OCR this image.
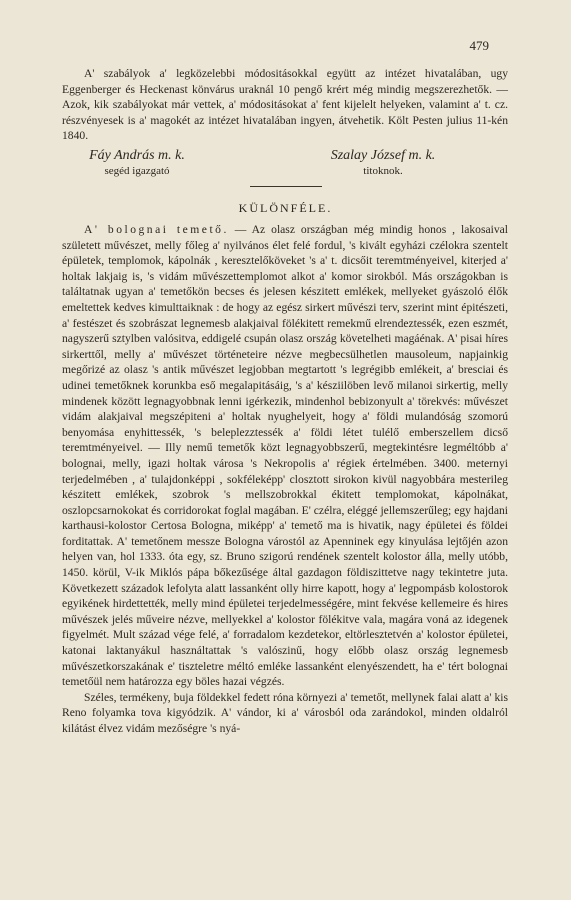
479

A' szabályok a' legközelebbi módositásokkal együtt az intézet hivatalában, ugy Eggenberger és Heckenast könvárus uraknál 10 pengő krért még mindig megszerezhetők. — Azok, kik szabályokat már vettek, a' módositásokat a' fent kijelelt helyeken, valamint a' t. cz. részvényesek is a' magokét az intézet hivatalában ingyen, átvehetik. Költ Pesten julius 11-kén 1840.

Fáy András m. k.
segéd igazgató
Szalay József m. k.
titoknok.
KÜLÖNFÉLE.

A' bolognai temető. — Az olasz országban még mindig honos , lakosaival született művészet, melly főleg a' nyilvános élet felé fordul, 's kivált egyházi czélokra szentelt épületek, templomok, kápolnák , keresztelőköveket 's a' t. dicsőit teremtményeivel, kiterjed a' holtak lakjaig is, 's vidám művészettemplomot alkot a' komor sirokból. Más országokban is találtatnak ugyan a' temetőkön becses és jelesen készitett emlékek, mellyeket gyászoló élők emeltettek kedves kimulttaiknak : de hogy az egész sirkert művészi terv, szerint mint épitészeti, a' festészet és szobrászat legnemesb alakjaival fölékitett remekmű elrendeztessék, ezen eszmét, nagyszerű sztylben valósitva, eddigelé csupán olasz ország követelheti magáénak. A' pisai híres sirkerttől, melly a' művészet történeteire nézve megbecsülhetlen mausoleum, napjainkig megőrizé az olasz 's antik művészet legjobban megtartott 's legrégibb emlékeit, a' bresciai és udinei temetőknek korunkba eső megalapitásáig, 's a' késziilöben levő milanoi sirkertig, melly mindenek között legnagyobbnak lenni igérkezik, mindenhol bebizonyult a' törekvés: művészet vidám alakjaival megszépiteni a' holtak nyughelyeit, hogy a' földi mulandóság szomorú benyomása enyhittessék, 's beleplezztessék a' földi létet tulélő emberszellem dicső teremtményeivel. — Illy nemű temetők közt legnagyobbszerű, megtekintésre legméltóbb a' bolognai, melly, igazi holtak városa 's Nekropolis a' régiek értelmében. 3400. meternyi terjedelmében , a' tulajdonképpi , sokféleképp' closztott sirokon kivül nagyobbára mesterileg készitett emlékek, szobrok 's mellszobrokkal ékitett templomokat, kápolnákat, oszlopcsarnokokat és corridorokat foglal magában. E' czélra, eléggé jellemszerűleg; egy hajdani karthausi-kolostor Certosa Bologna, miképp' a' temető ma is hivatik, nagy épületei és földei forditattak. A' temetőnem messze Bologna várostól az Apenninek egy kinyulása lejtőjén azon helyen van, hol 1333. óta egy, sz. Bruno szigorú rendének szentelt kolostor álla, melly utóbb, 1450. körül, V-ik Miklós pápa bőkezűsége által gazdagon földiszittetve nagy tekintetre juta. Következett századok lefolyta alatt lassanként olly hirre kapott, hogy a' legpompásb kolostorok egyikének hirdettették, melly mind épületei terjedelmességére, mint fekvése kellemeire és hires művészek jelés műveire nézve, mellyekkel a' kolostor fölékitve vala, magára voná az idegenek figyelmét. Mult század vége felé, a' forradalom kezdetekor, eltörlesztetvén a' kolostor épületei, katonai laktanyákul használtattak 's valószinű, hogy előbb olasz ország legnemesb művészetkorszakának e' tiszteletre méltó emléke lassanként elenyészendett, ha e' tért bolognai temetőül nem határozza egy böles hazai végzés.

Széles, termékeny, buja földekkel fedett róna környezi a' temetőt, mellynek falai alatt a' kis Reno folyamka tova kigyódzik. A' vándor, ki a' városból oda zarándokol, minden oldalról kilátást élvez vidám mezőségre 's nyá-
